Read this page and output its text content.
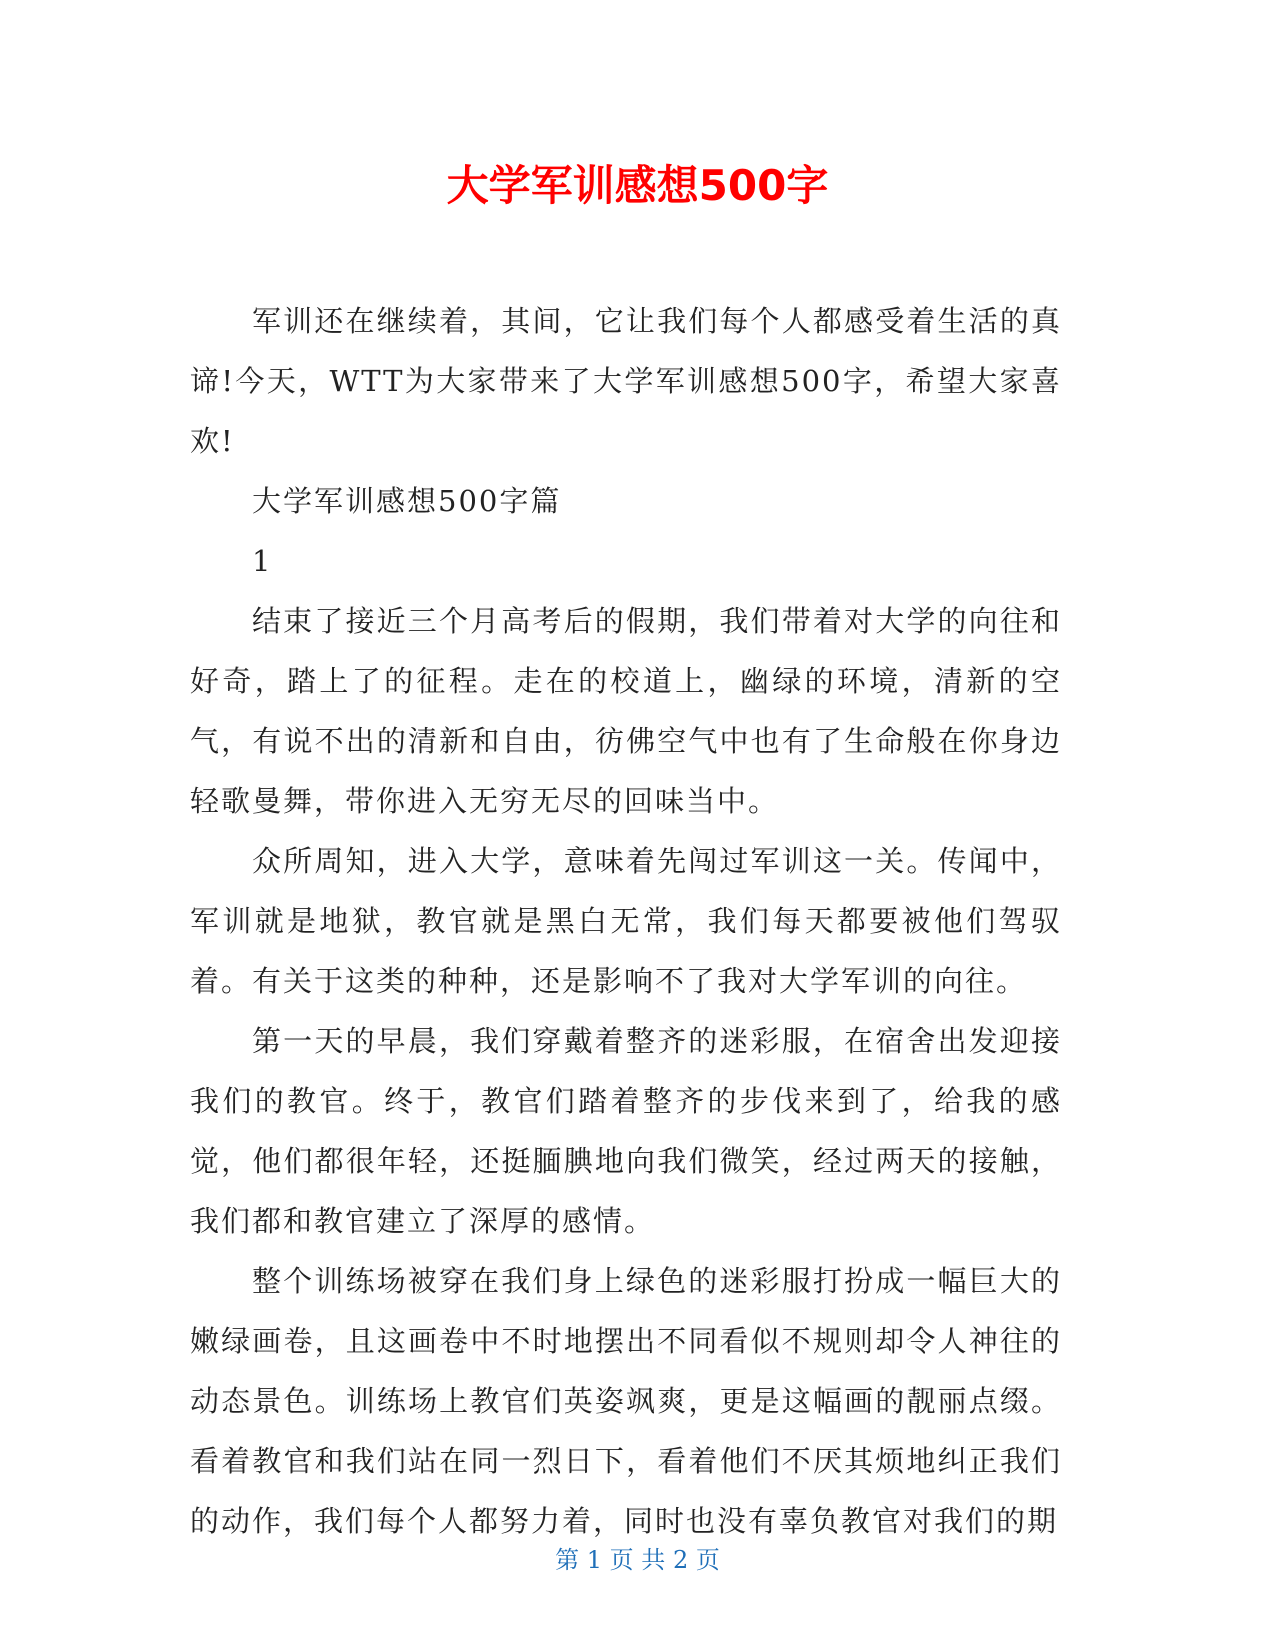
大学军训感想500字

军训还在继续着，其间，它让我们每个人都感受着生活的真谛!今天，WTT为大家带来了大学军训感想500字，希望大家喜欢!

大学军训感想500字篇

1

结束了接近三个月高考后的假期，我们带着对大学的向往和好奇，踏上了的征程。走在的校道上，幽绿的环境，清新的空气，有说不出的清新和自由，彷佛空气中也有了生命般在你身边轻歌曼舞，带你进入无穷无尽的回味当中。

众所周知，进入大学，意味着先闯过军训这一关。传闻中，军训就是地狱，教官就是黑白无常，我们每天都要被他们驾驭着。有关于这类的种种，还是影响不了我对大学军训的向往。

第一天的早晨，我们穿戴着整齐的迷彩服，在宿舍出发迎接我们的教官。终于，教官们踏着整齐的步伐来到了，给我的感觉，他们都很年轻，还挺腼腆地向我们微笑，经过两天的接触，我们都和教官建立了深厚的感情。

整个训练场被穿在我们身上绿色的迷彩服打扮成一幅巨大的嫩绿画卷，且这画卷中不时地摆出不同看似不规则却令人神往的动态景色。训练场上教官们英姿飒爽，更是这幅画的靓丽点缀。看着教官和我们站在同一烈日下，看着他们不厌其烦地纠正我们的动作，我们每个人都努力着，同时也没有辜负教官对我们的期

第 1 页 共 2 页
